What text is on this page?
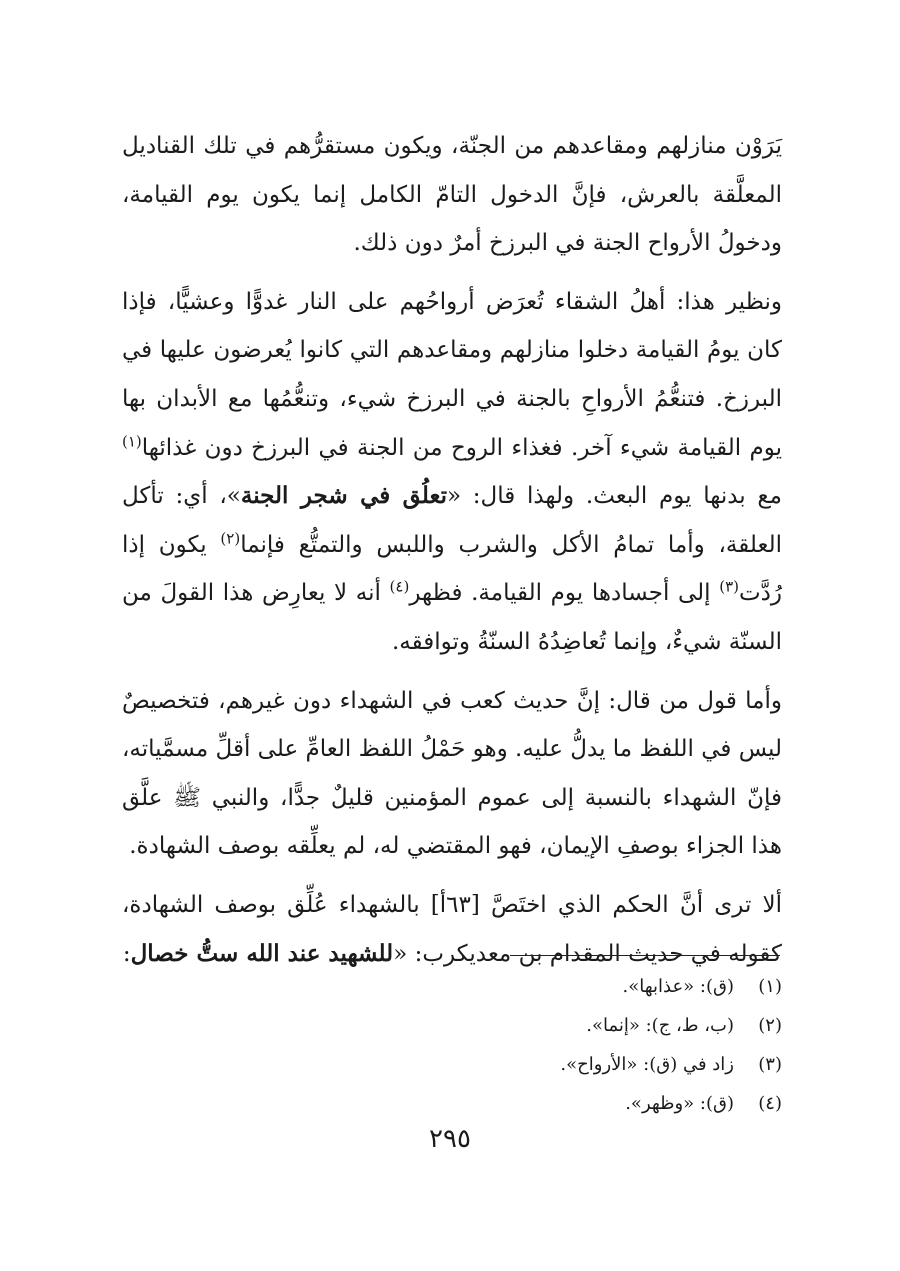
يَرَوْن منازلهم ومقاعدهم من الجنّة، ويكون مستقرُّهم في تلك القناديل المعلَّقة بالعرش، فإنَّ الدخول التامّ الكامل إنما يكون يوم القيامة، ودخولُ الأرواح الجنة في البرزخ أمرٌ دون ذلك.

ونظير هذا: أهلُ الشقاء تُعرَض أرواحُهم على النار غدوًّا وعشيًّا، فإذا كان يومُ القيامة دخلوا منازلهم ومقاعدهم التي كانوا يُعرضون عليها في البرزخ. فتنعُّمُ الأرواحِ بالجنة في البرزخ شيء، وتنعُّمُها مع الأبدان بها يوم القيامة شيء آخر. فغذاء الروح من الجنة في البرزخ دون غذائها$^{(١)}$ مع بدنها يوم البعث. ولهذا قال: «تعلُق في شجر الجنة»، أي: تأكل العلقة، وأما تمامُ الأكل والشرب واللبس والتمتُّع فإنما$^{(٢)}$ يكون إذا رُدَّت$^{(٣)}$ إلى أجسادها يوم القيامة. فظهر$^{(٤)}$ أنه لا يعارِض هذا القولَ من السنّة شيءٌ، وإنما تُعاضِدُهُ السنّةُ وتوافقه.

وأما قول من قال: إنَّ حديث كعب في الشهداء دون غيرهم، فتخصيصٌ ليس في اللفظ ما يدلُّ عليه. وهو حَمْلُ اللفظ العامِّ على أقلِّ مسمَّياته، فإنّ الشهداء بالنسبة إلى عموم المؤمنين قليلٌ جدًّا، والنبي ﷺ علَّق هذا الجزاء بوصفِ الإيمان، فهو المقتضي له، لم يعلِّقه بوصف الشهادة.

ألا ترى أنَّ الحكم الذي اختَصَّ [٦٣أ] بالشهداء عُلِّق بوصف الشهادة، كقوله في حديث المقدام بن معديكرب: «للشهيد عند الله ستُّ خصال:

(١)
(ق): «عذابها».
(٢)
(ب، ط، ج): «إنما».
(٣)
زاد في (ق): «الأرواح».
(٤)
(ق): «وظهر».
٢٩٥
